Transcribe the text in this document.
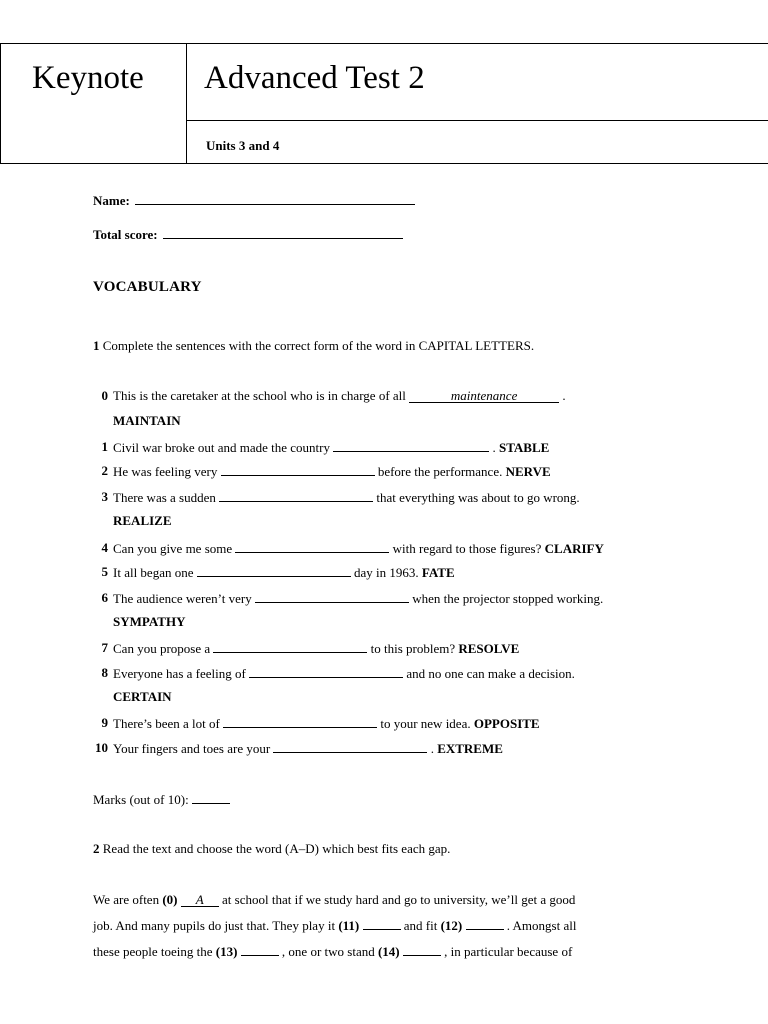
Keynote Advanced Test 2
Units 3 and 4
Name:
Total score:
VOCABULARY
1 Complete the sentences with the correct form of the word in CAPITAL LETTERS.
0 This is the caretaker at the school who is in charge of all	maintenance	.
MAINTAIN
1 Civil war broke out and made the country	. STABLE
2 He was feeling very	before the performance. NERVE
3 There was a sudden	that everything was about to go wrong.
REALIZE
4 Can you give me some	with regard to those figures? CLARIFY
5 It all began one	day in 1963. FATE
6 The audience weren’t very	when the projector stopped working.
SYMPATHY
7 Can you propose a	to this problem? RESOLVE
8 Everyone has a feeling of	and no one can make a decision.
CERTAIN
9 There’s been a lot of	to your new idea. OPPOSITE
10 Your fingers and toes are your	. EXTREME
Marks (out of 10):
2 Read the text and choose the word (A–D) which best fits each gap.
We are often (0) A at school that if we study hard and go to university, we’ll get a good
job. And many pupils do just that. They play it (11)	and fit (12)	. Amongst all
these people toeing the (13)	, one or two stand (14)	, in particular because of
